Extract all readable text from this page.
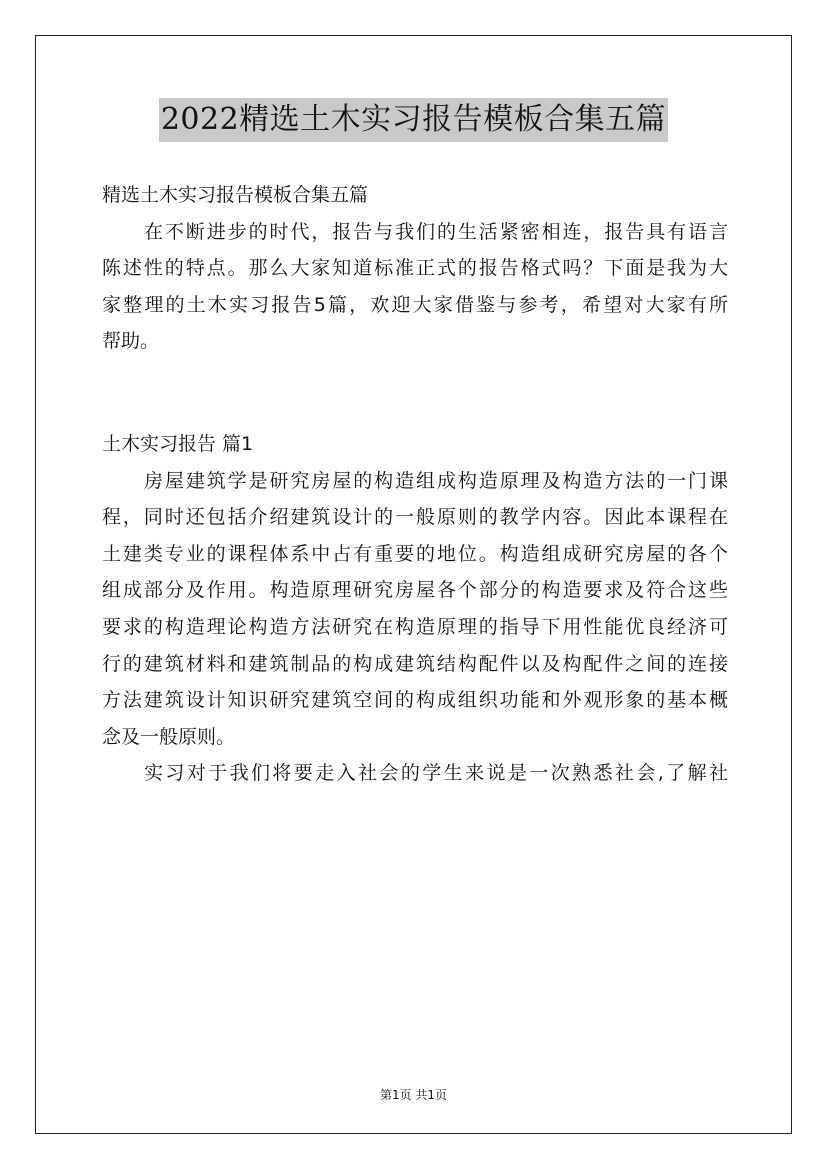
2022精选土木实习报告模板合集五篇
精选土木实习报告模板合集五篇
在不断进步的时代，报告与我们的生活紧密相连，报告具有语言
陈述性的特点。那么大家知道标准正式的报告格式吗？下面是我为大
家整理的土木实习报告5篇，欢迎大家借鉴与参考，希望对大家有所
帮助。
土木实习报告 篇1
房屋建筑学是研究房屋的构造组成构造原理及构造方法的一门课
程，同时还包括介绍建筑设计的一般原则的教学内容。因此本课程在
土建类专业的课程体系中占有重要的地位。构造组成研究房屋的各个
组成部分及作用。构造原理研究房屋各个部分的构造要求及符合这些
要求的构造理论构造方法研究在构造原理的指导下用性能优良经济可
行的建筑材料和建筑制品的构成建筑结构配件以及构配件之间的连接
方法建筑设计知识研究建筑空间的构成组织功能和外观形象的基本概
念及一般原则。
实习对于我们将要走入社会的学生来说是一次熟悉社会,了解社
第1页 共1页
